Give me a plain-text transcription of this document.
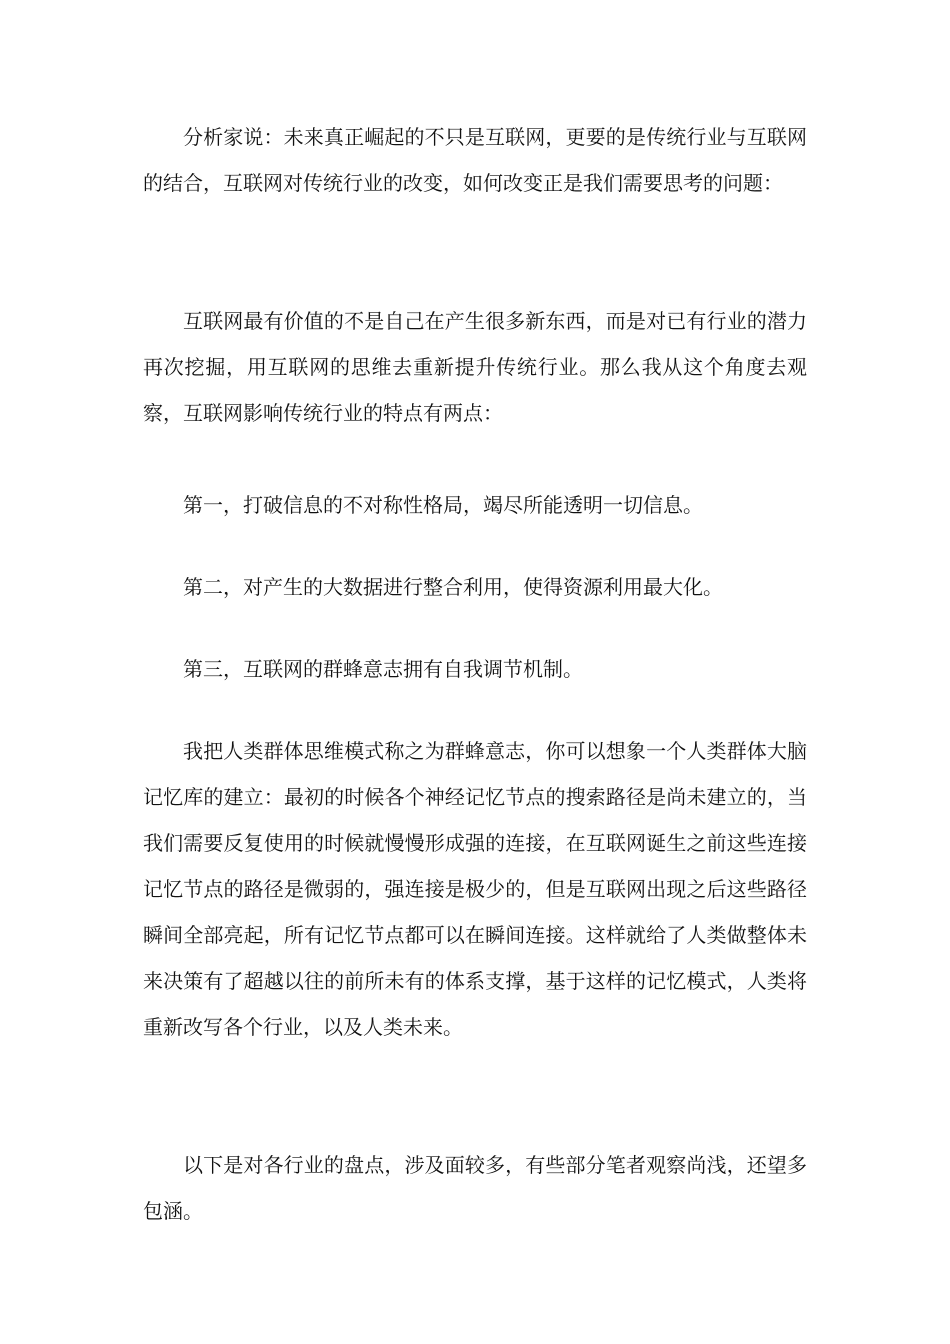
分析家说：未来真正崛起的不只是互联网，更要的是传统行业与互联网的结合，互联网对传统行业的改变，如何改变正是我们需要思考的问题：

互联网最有价值的不是自己在产生很多新东西，而是对已有行业的潜力再次挖掘，用互联网的思维去重新提升传统行业。那么我从这个角度去观察，互联网影响传统行业的特点有两点：

第一，打破信息的不对称性格局，竭尽所能透明一切信息。

第二，对产生的大数据进行整合利用，使得资源利用最大化。

第三，互联网的群蜂意志拥有自我调节机制。

我把人类群体思维模式称之为群蜂意志，你可以想象一个人类群体大脑记忆库的建立：最初的时候各个神经记忆节点的搜索路径是尚未建立的，当我们需要反复使用的时候就慢慢形成强的连接，在互联网诞生之前这些连接记忆节点的路径是微弱的，强连接是极少的，但是互联网出现之后这些路径瞬间全部亮起，所有记忆节点都可以在瞬间连接。这样就给了人类做整体未来决策有了超越以往的前所未有的体系支撑，基于这样的记忆模式，人类将重新改写各个行业，以及人类未来。

以下是对各行业的盘点，涉及面较多，有些部分笔者观察尚浅，还望多包涵。
